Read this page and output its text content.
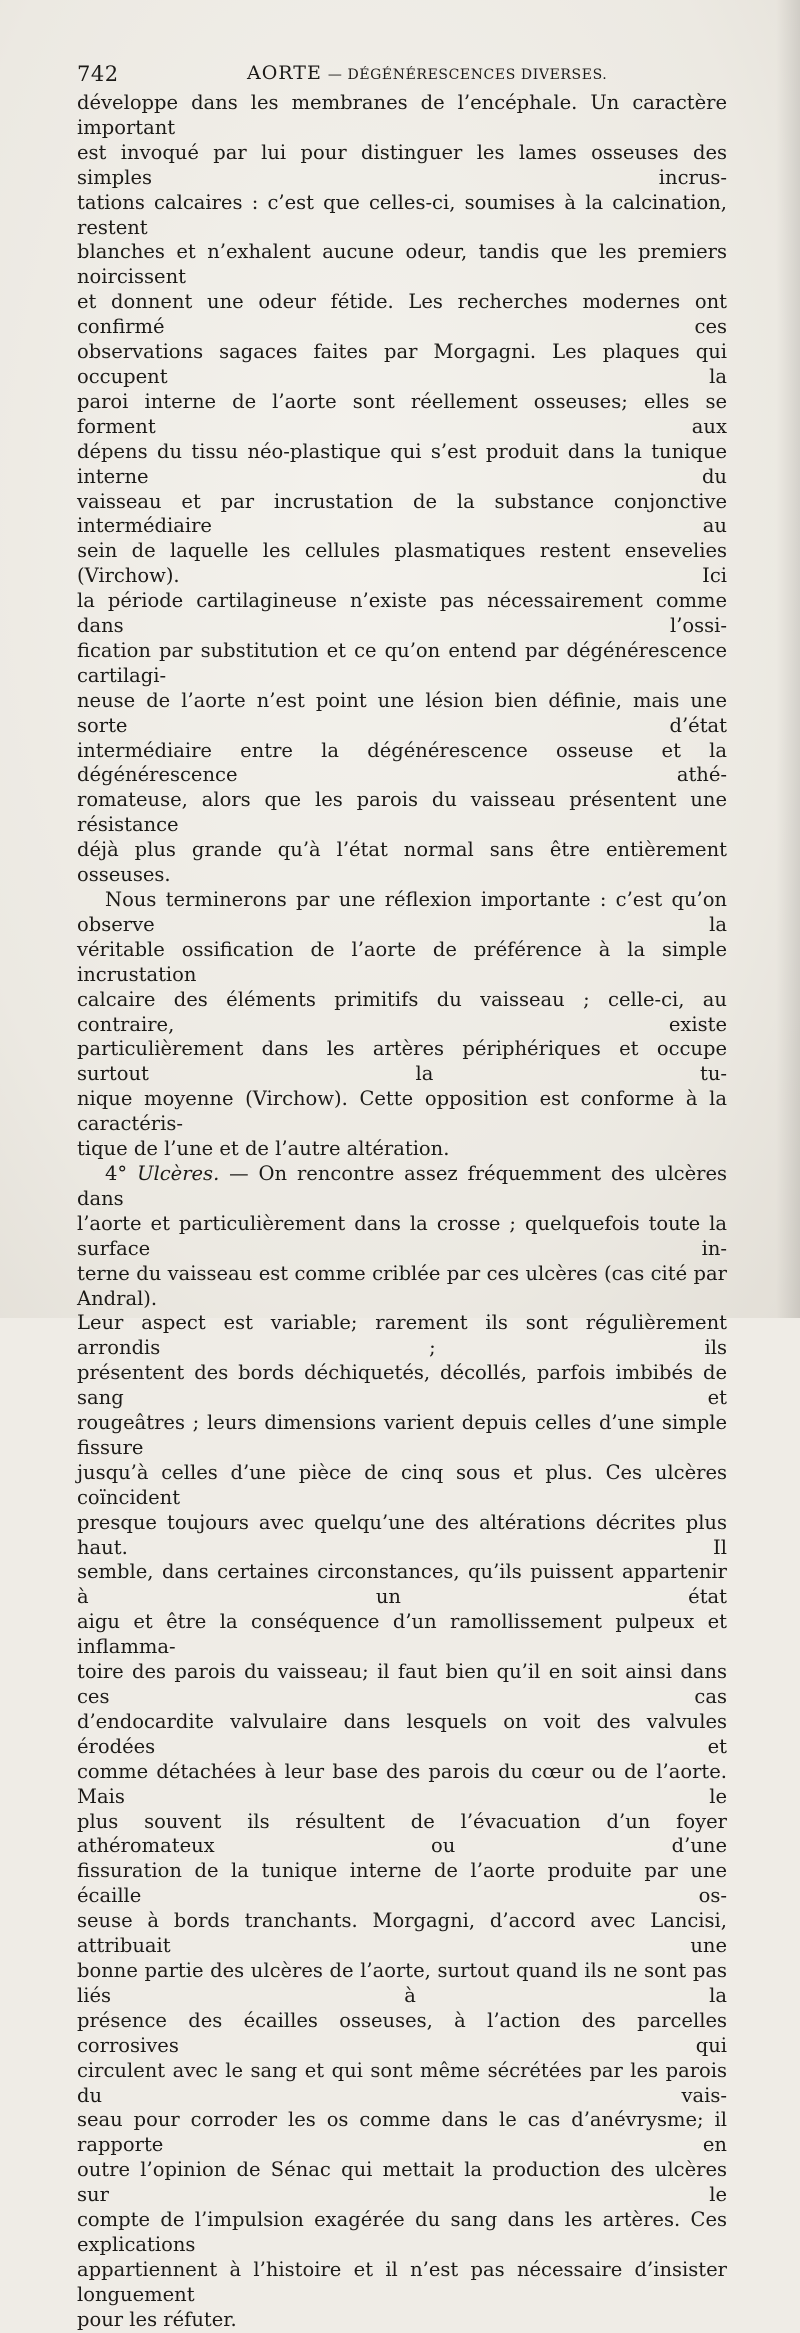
742	AORTE — DÉGÉNÉRESCENCES DIVERSES.

développe dans les membranes de l’encéphale. Un caractère important

est invoqué par lui pour distinguer les lames osseuses des simples incrus-

tations calcaires : c’est que celles-ci, soumises à la calcination, restent

blanches et n’exhalent aucune odeur, tandis que les premiers noircissent

et donnent une odeur fétide. Les recherches modernes ont confirmé ces

observations sagaces faites par Morgagni. Les plaques qui occupent la

paroi interne de l’aorte sont réellement osseuses; elles se forment aux

dépens du tissu néo-plastique qui s’est produit dans la tunique interne du

vaisseau et par incrustation de la substance conjonctive intermédiaire au

sein de laquelle les cellules plasmatiques restent ensevelies (Virchow). Ici

la période cartilagineuse n’existe pas nécessairement comme dans l’ossi-

fication par substitution et ce qu’on entend par dégénérescence cartilagi-

neuse de l’aorte n’est point une lésion bien définie, mais une sorte d’état

intermédiaire entre la dégénérescence osseuse et la dégénérescence athé-

romateuse, alors que les parois du vaisseau présentent une résistance

déjà plus grande qu’à l’état normal sans être entièrement osseuses.

Nous terminerons par une réflexion importante : c’est qu’on observe la

véritable ossification de l’aorte de préférence à la simple incrustation

calcaire des éléments primitifs du vaisseau ; celle-ci, au contraire, existe

particulièrement dans les artères périphériques et occupe surtout la tu-

nique moyenne (Virchow). Cette opposition est conforme à la caractéris-

tique de l’une et de l’autre altération.

4° Ulcères. — On rencontre assez fréquemment des ulcères dans

l’aorte et particulièrement dans la crosse ; quelquefois toute la surface in-

terne du vaisseau est comme criblée par ces ulcères (cas cité par Andral).

Leur aspect est variable; rarement ils sont régulièrement arrondis ; ils

présentent des bords déchiquetés, décollés, parfois imbibés de sang et

rougeâtres ; leurs dimensions varient depuis celles d’une simple fissure

jusqu’à celles d’une pièce de cinq sous et plus. Ces ulcères coïncident

presque toujours avec quelqu’une des altérations décrites plus haut. Il

semble, dans certaines circonstances, qu’ils puissent appartenir à un état

aigu et être la conséquence d’un ramollissement pulpeux et inflamma-

toire des parois du vaisseau; il faut bien qu’il en soit ainsi dans ces cas

d’endocardite valvulaire dans lesquels on voit des valvules érodées et

comme détachées à leur base des parois du cœur ou de l’aorte. Mais le

plus souvent ils résultent de l’évacuation d’un foyer athéromateux ou d’une

fissuration de la tunique interne de l’aorte produite par une écaille os-

seuse à bords tranchants. Morgagni, d’accord avec Lancisi, attribuait une

bonne partie des ulcères de l’aorte, surtout quand ils ne sont pas liés à la

présence des écailles osseuses, à l’action des parcelles corrosives qui

circulent avec le sang et qui sont même sécrétées par les parois du vais-

seau pour corroder les os comme dans le cas d’anévrysme; il rapporte en

outre l’opinion de Sénac qui mettait la production des ulcères sur le

compte de l’impulsion exagérée du sang dans les artères. Ces explications

appartiennent à l’histoire et il n’est pas nécessaire d’insister longuement

pour les réfuter.
